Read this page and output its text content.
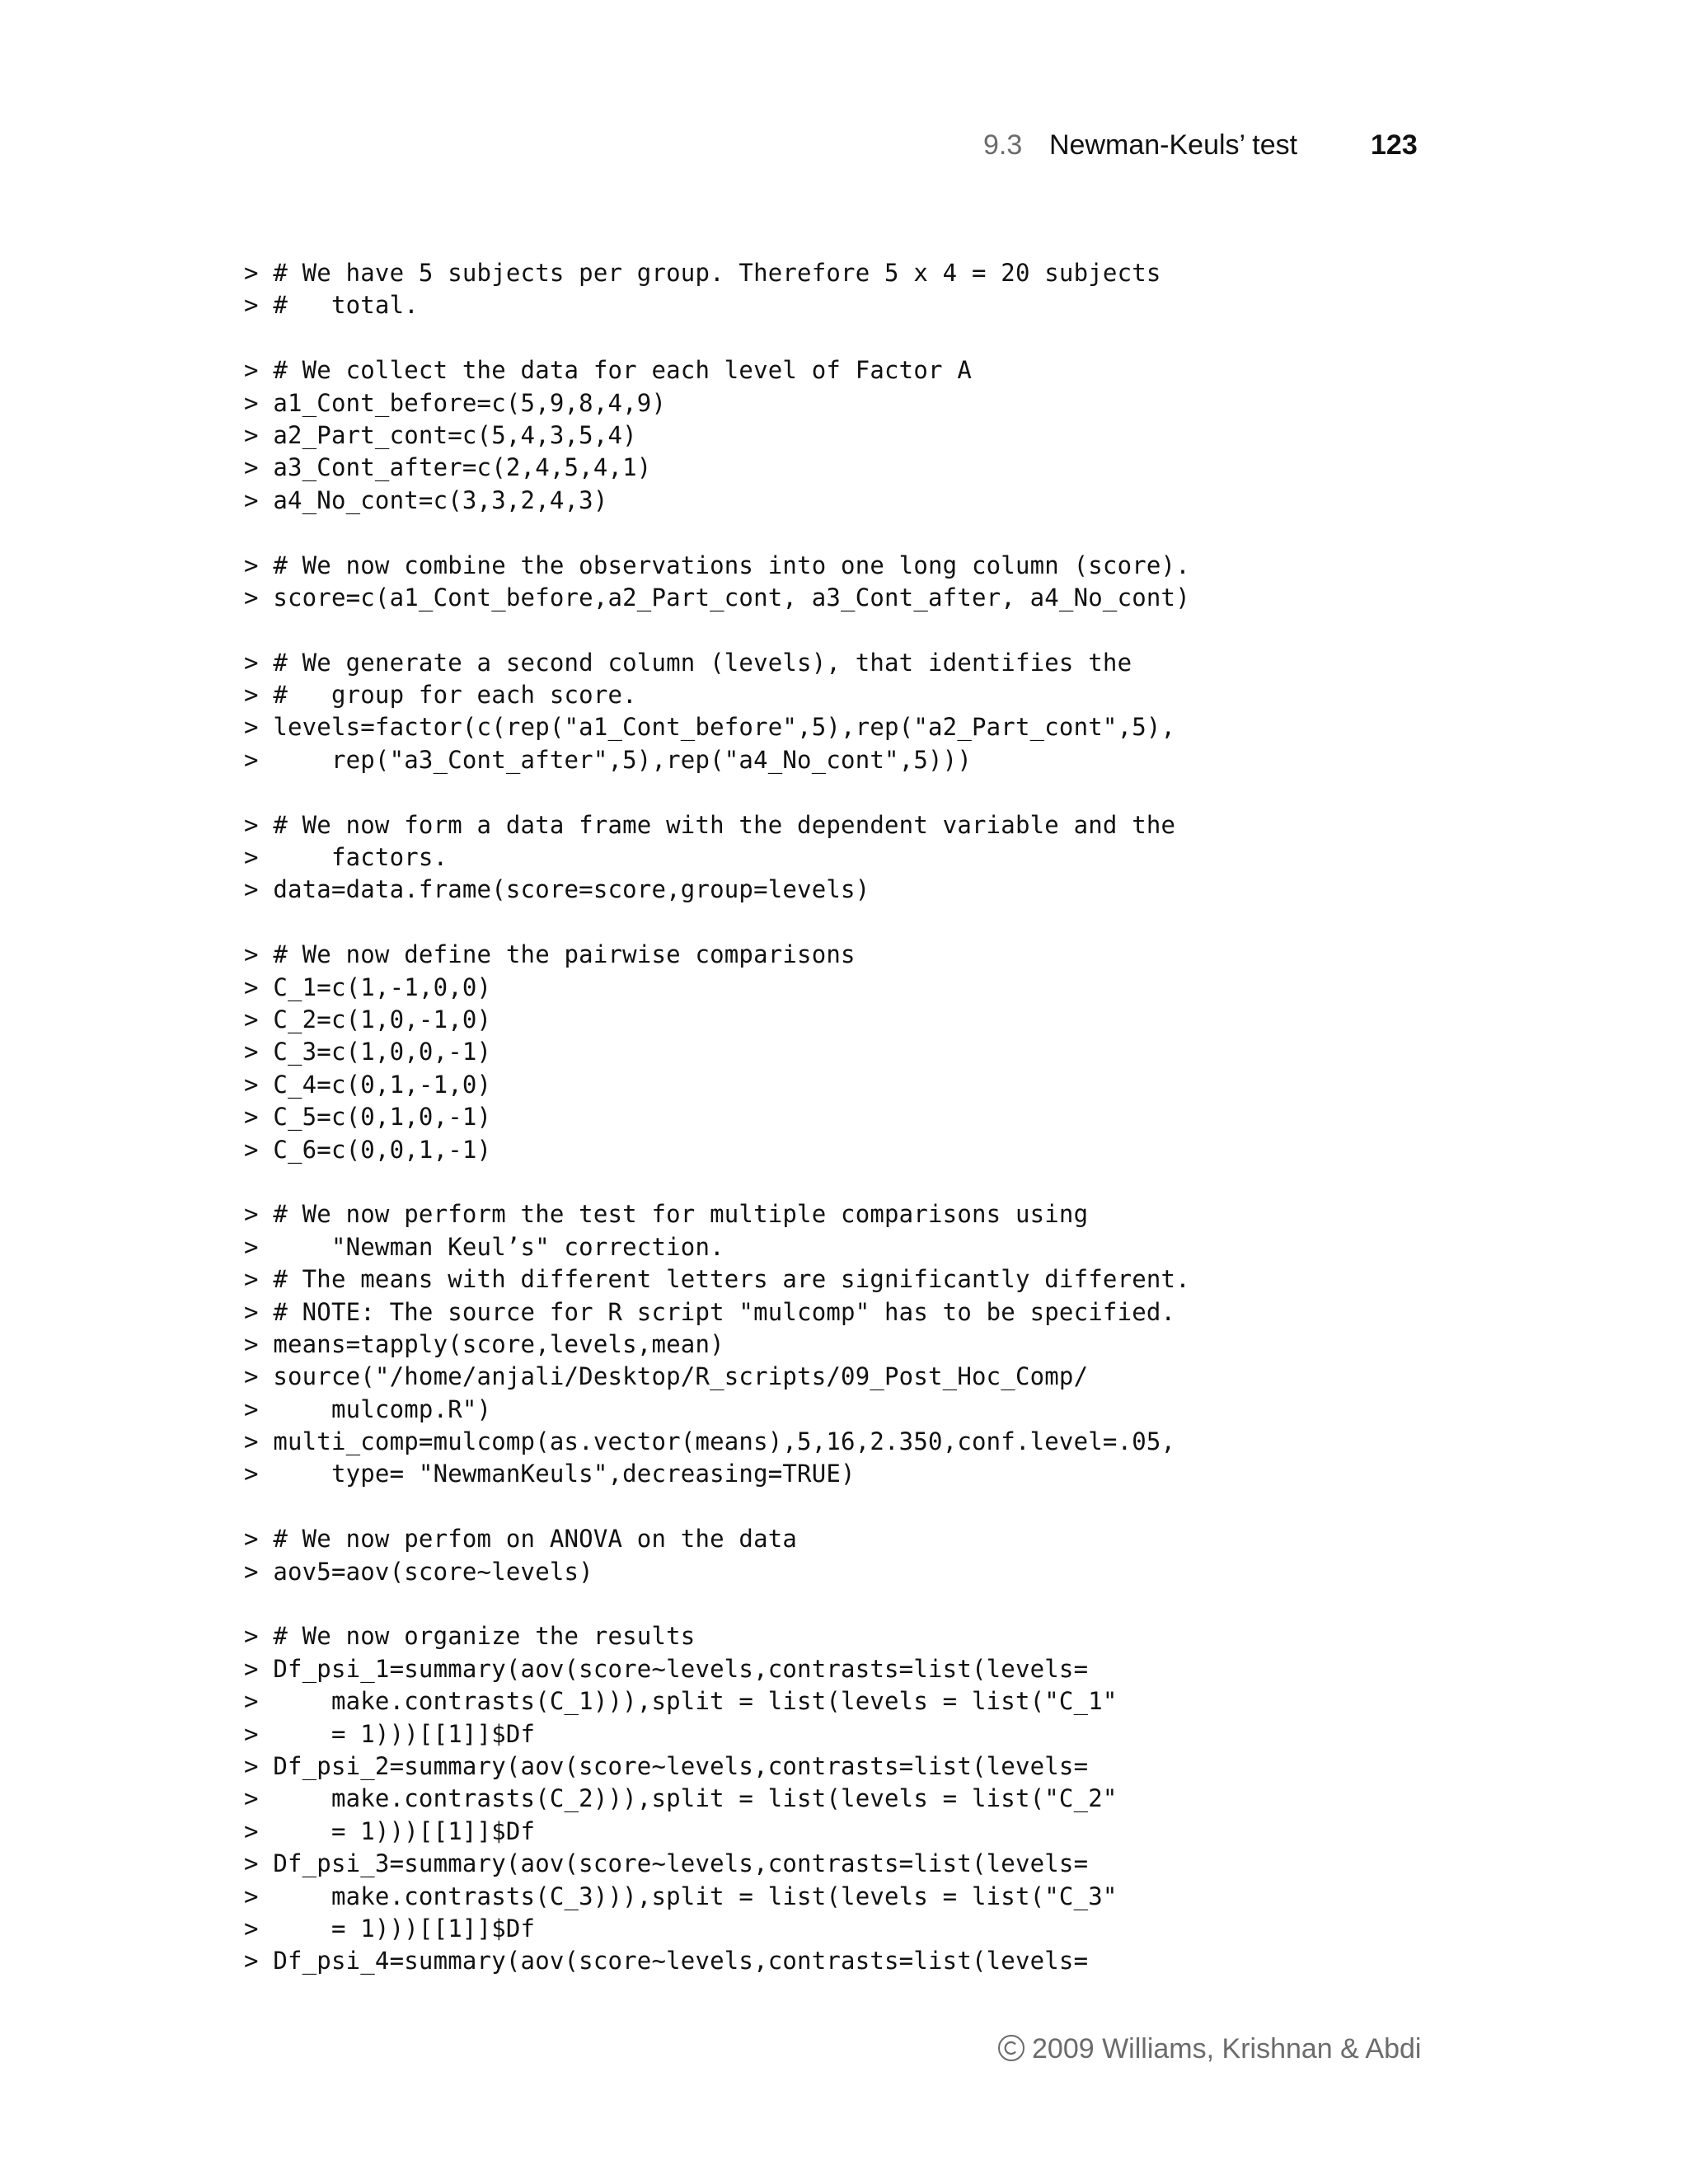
9.3 Newman-Keuls’ test	123
> # We have 5 subjects per group. Therefore 5 x 4 = 20 subjects
> #   total.
> # We collect the data for each level of Factor A
> a1_Cont_before=c(5,9,8,4,9)
> a2_Part_cont=c(5,4,3,5,4)
> a3_Cont_after=c(2,4,5,4,1)
> a4_No_cont=c(3,3,2,4,3)
> # We now combine the observations into one long column (score).
> score=c(a1_Cont_before,a2_Part_cont, a3_Cont_after, a4_No_cont)
> # We generate a second column (levels), that identifies the
> #   group for each score.
> levels=factor(c(rep("a1_Cont_before",5),rep("a2_Part_cont",5),
>     rep("a3_Cont_after",5),rep("a4_No_cont",5)))
> # We now form a data frame with the dependent variable and the
>     factors.
> data=data.frame(score=score,group=levels)
> # We now define the pairwise comparisons
> C_1=c(1,-1,0,0)
> C_2=c(1,0,-1,0)
> C_3=c(1,0,0,-1)
> C_4=c(0,1,-1,0)
> C_5=c(0,1,0,-1)
> C_6=c(0,0,1,-1)
> # We now perform the test for multiple comparisons using
>     "Newman Keul’s" correction.
> # The means with different letters are significantly different.
> # NOTE: The source for R script "mulcomp" has to be specified.
> means=tapply(score,levels,mean)
> source("/home/anjali/Desktop/R_scripts/09_Post_Hoc_Comp/
>     mulcomp.R")
> multi_comp=mulcomp(as.vector(means),5,16,2.350,conf.level=.05,
>     type= "NewmanKeuls",decreasing=TRUE)
> # We now perfom on ANOVA on the data
> aov5=aov(score~levels)
> # We now organize the results
> Df_psi_1=summary(aov(score~levels,contrasts=list(levels=
>     make.contrasts(C_1))),split = list(levels = list("C_1"
>     = 1)))[[1]]$Df
> Df_psi_2=summary(aov(score~levels,contrasts=list(levels=
>     make.contrasts(C_2))),split = list(levels = list("C_2"
>     = 1)))[[1]]$Df
> Df_psi_3=summary(aov(score~levels,contrasts=list(levels=
>     make.contrasts(C_3))),split = list(levels = list("C_3"
>     = 1)))[[1]]$Df
> Df_psi_4=summary(aov(score~levels,contrasts=list(levels=
2009 Williams, Krishnan & Abdi
